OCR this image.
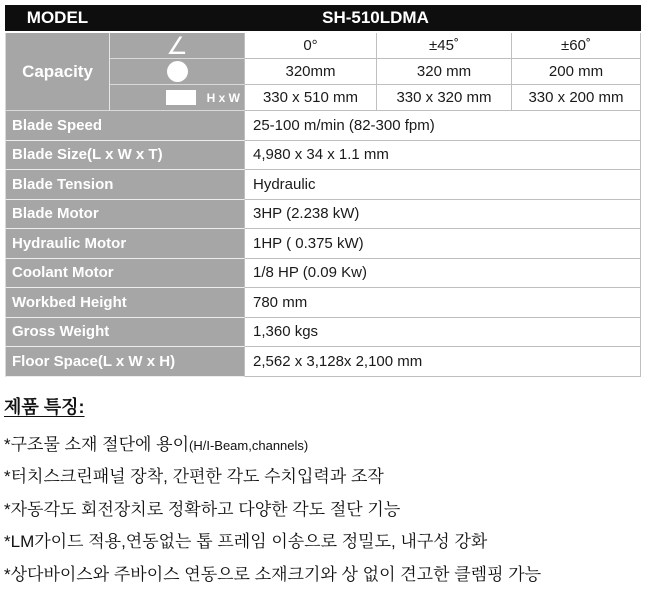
MODEL	SH-510LDMA			
Capacity	∠	0°	±45˚	±60˚
		320mm	320 mm	200 mm

	H x W	330 x 510 mm	330 x 320 mm	330 x 200 mm
Blade Speed		25-100 m/min (82-300 fpm)		
Blade Size(L x W x T)		4,980 x 34 x 1.1 mm		
Blade Tension		Hydraulic		
Blade Motor		3HP (2.238 kW)		
Hydraulic Motor		1HP ( 0.375 kW)		
Coolant Motor		1/8 HP (0.09 Kw)		
Workbed Height		780 mm		
Gross Weight		1,360 kgs		
Floor Space(L x W x H)		2,562 x 3,128x 2,100 mm		
제품 특징:
*구조물 소재 절단에 용이(H/I-Beam,channels)
*터치스크린패널 장착, 간편한 각도 수치입력과 조작
*자동각도 회전장치로 정확하고 다양한 각도 절단 기능
*LM가이드 적용,연동없는 톱 프레임 이송으로 정밀도, 내구성 강화
*상다바이스와 주바이스 연동으로 소재크기와 상 없이 견고한 클렘핑 가능
